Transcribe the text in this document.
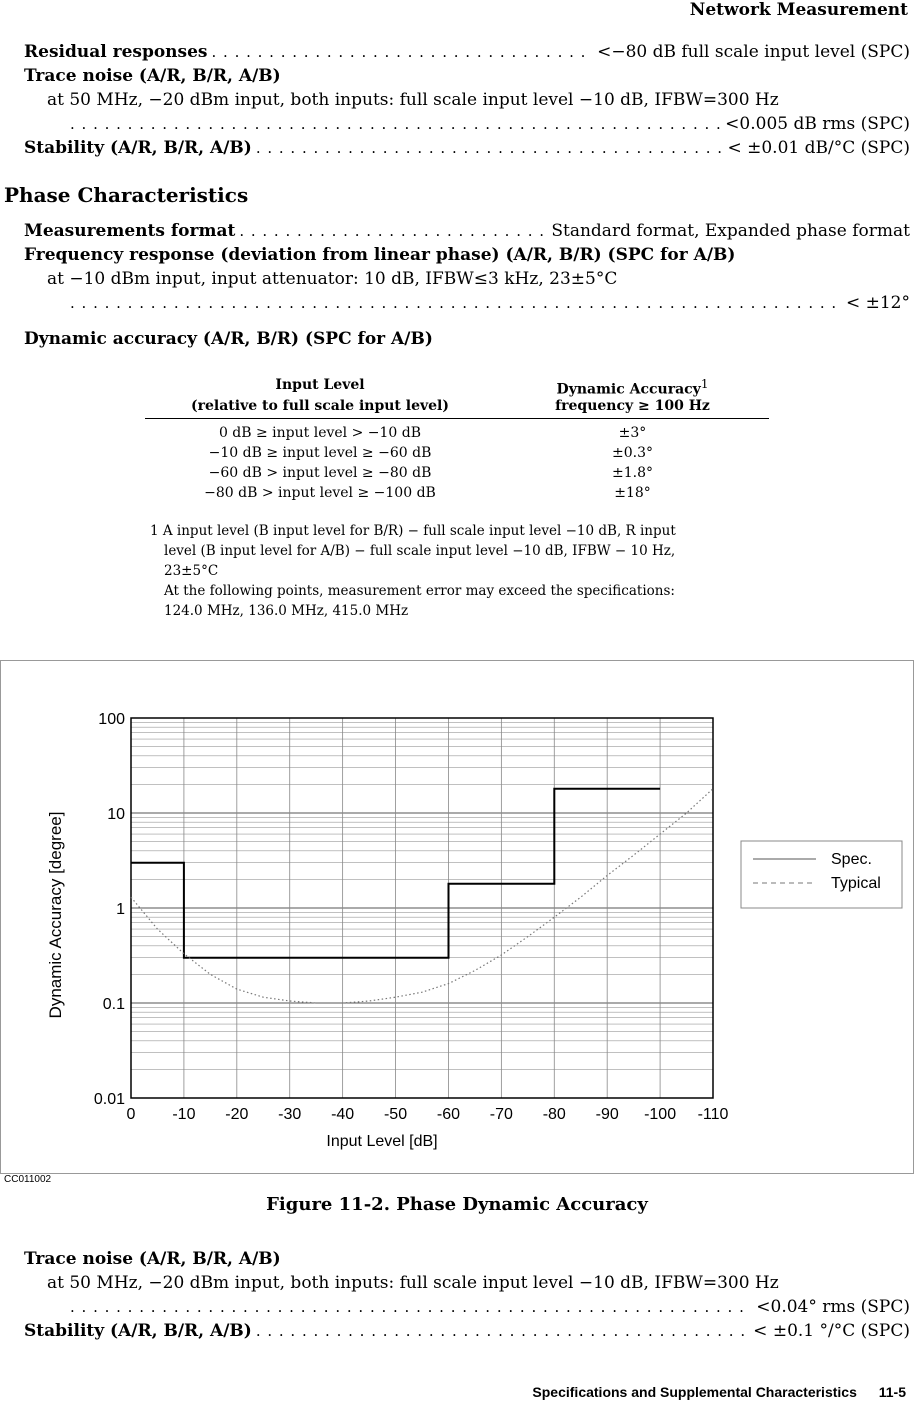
Network Measurement
Residual responses . . .	<−80 dB full scale input level (SPC)
Trace noise (A/R, B/R, A/B)
at 50 MHz, −20 dBm input, both inputs: full scale input level −10 dB, IFBW=300 Hz
. . .
<0.005 dB rms (SPC)
Stability (A/R, B/R, A/B) . . .	< ±0.01 dB/°C (SPC)
Phase Characteristics
Measurements format . . .	Standard format, Expanded phase format
Frequency response (deviation from linear phase) (A/R, B/R) (SPC for A/B)
at −10 dBm input, input attenuator: 10 dB, IFBW≤3 kHz, 23±5°C
. . .
< ±12°
Dynamic accuracy (A/R, B/R) (SPC for A/B)
Input Level
(relative to full scale input level)
Dynamic Accuracy$^1$
frequency ≥ 100 Hz
0 dB ≥ input level > −10 dB	±3°
−10 dB ≥ input level ≥ −60 dB	±0.3°
−60 dB > input level ≥ −80 dB	±1.8°
−80 dB > input level ≥ −100 dB	±18°
1 A input level (B input level for B/R) − full scale input level −10 dB, R input
level (B input level for A/B) − full scale input level −10 dB, IFBW − 10 Hz,
23±5°C
At the following points, measurement error may exceed the specifications:
124.0 MHz, 136.0 MHz, 415.0 MHz
100
10
1
0.1
0.01
0 -10 -20 -30 -40 -50 -60 -70 -80 -90 -100 -110
Input Level [dB]
Dynamic Accuracy [degree]	Spec.
Typical
CC011002
Figure 11-2. Phase Dynamic Accuracy
Trace noise (A/R, B/R, A/B)
at 50 MHz, −20 dBm input, both inputs: full scale input level −10 dB, IFBW=300 Hz
. . .
<0.04° rms (SPC)
Stability (A/R, B/R, A/B) . . .	< ±0.1 °/°C (SPC)
Specifications and Supplemental Characteristics 11-5
